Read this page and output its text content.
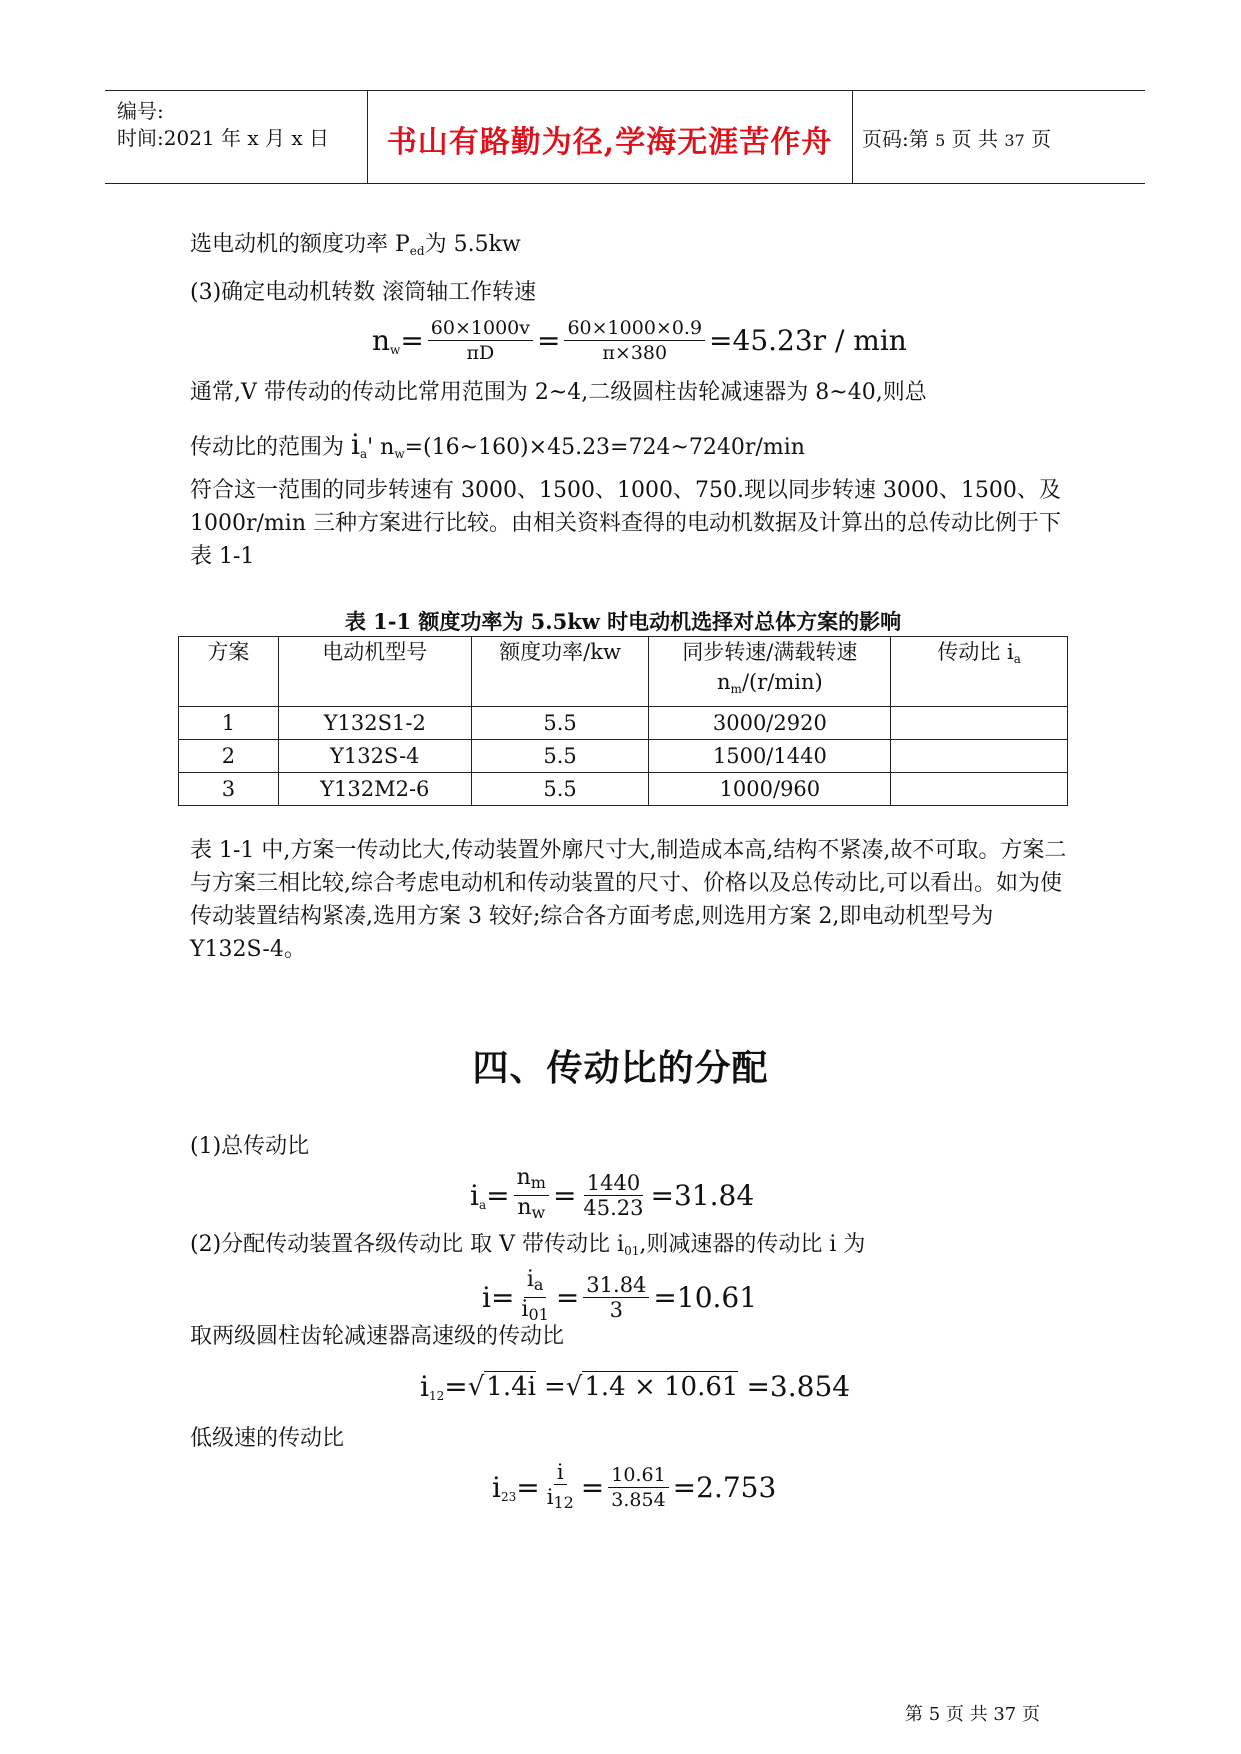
编号:
时间:2021 年 x 月 x 日	书山有路勤为径,学海无涯苦作舟	页码:第 5 页 共 37 页
选电动机的额度功率 $P_{ed}$为 5.5kw
(3)确定电动机转数 滚筒轴工作转速
$n_w= \frac{60\times 1000v}{\pi D} = \frac{60\times 1000\times 0.9}{\pi\times 380} =45.23r / \min$
通常,V 带传动的传动比常用范围为 2~4,二级圆柱齿轮减速器为 8~40,则总
传动比的范围为 $i_a'$ $n_w=(16\sim 160)\times 45.23=724\sim 7240r/\min$
符合这一范围的同步转速有 3000、1500、1000、750.现以同步转速 3000、1500、及 1000r/min 三种方案进行比较。由相关资料查得的电动机数据及计算出的总传动比例于下表 1-1
表 1-1 额度功率为 5.5kw 时电动机选择对总体方案的影响
方案	电动机型号	额度功率/kw	同步转速/满载转速
$n_m/(r/\min)$	传动比 $i_a$
1	Y132S1-2	5.5	3000/2920	
2	Y132S-4	5.5	1500/1440	
3	Y132M2-6	5.5	1000/960	
表 1-1 中,方案一传动比大,传动装置外廓尺寸大,制造成本高,结构不紧凑,故不可取。方案二与方案三相比较,综合考虑电动机和传动装置的尺寸、价格以及总传动比,可以看出。如为使传动装置结构紧凑,选用方案 3 较好;综合各方面考虑,则选用方案 2,即电动机型号为 Y132S-4。
四、传动比的分配
(1)总传动比
$i_a= \frac{n_m}{n_w} = \frac{1440}{45.23} =31.84$
(2)分配传动装置各级传动比 取 V 带传动比 $i_{01}$,则减速器的传动比 i 为
$i= \frac{i_a}{i_{01}} = \frac{31.84}{3} =10.61$
取两级圆柱齿轮减速器高速级的传动比
$i_{12}= √1.4i = √1.4 \times 10.61 =3.854$
低级速的传动比
$i_{23}= \frac{i}{i_{12}} = \frac{10.61}{3.854} =2.753$
第 5 页 共 37 页
